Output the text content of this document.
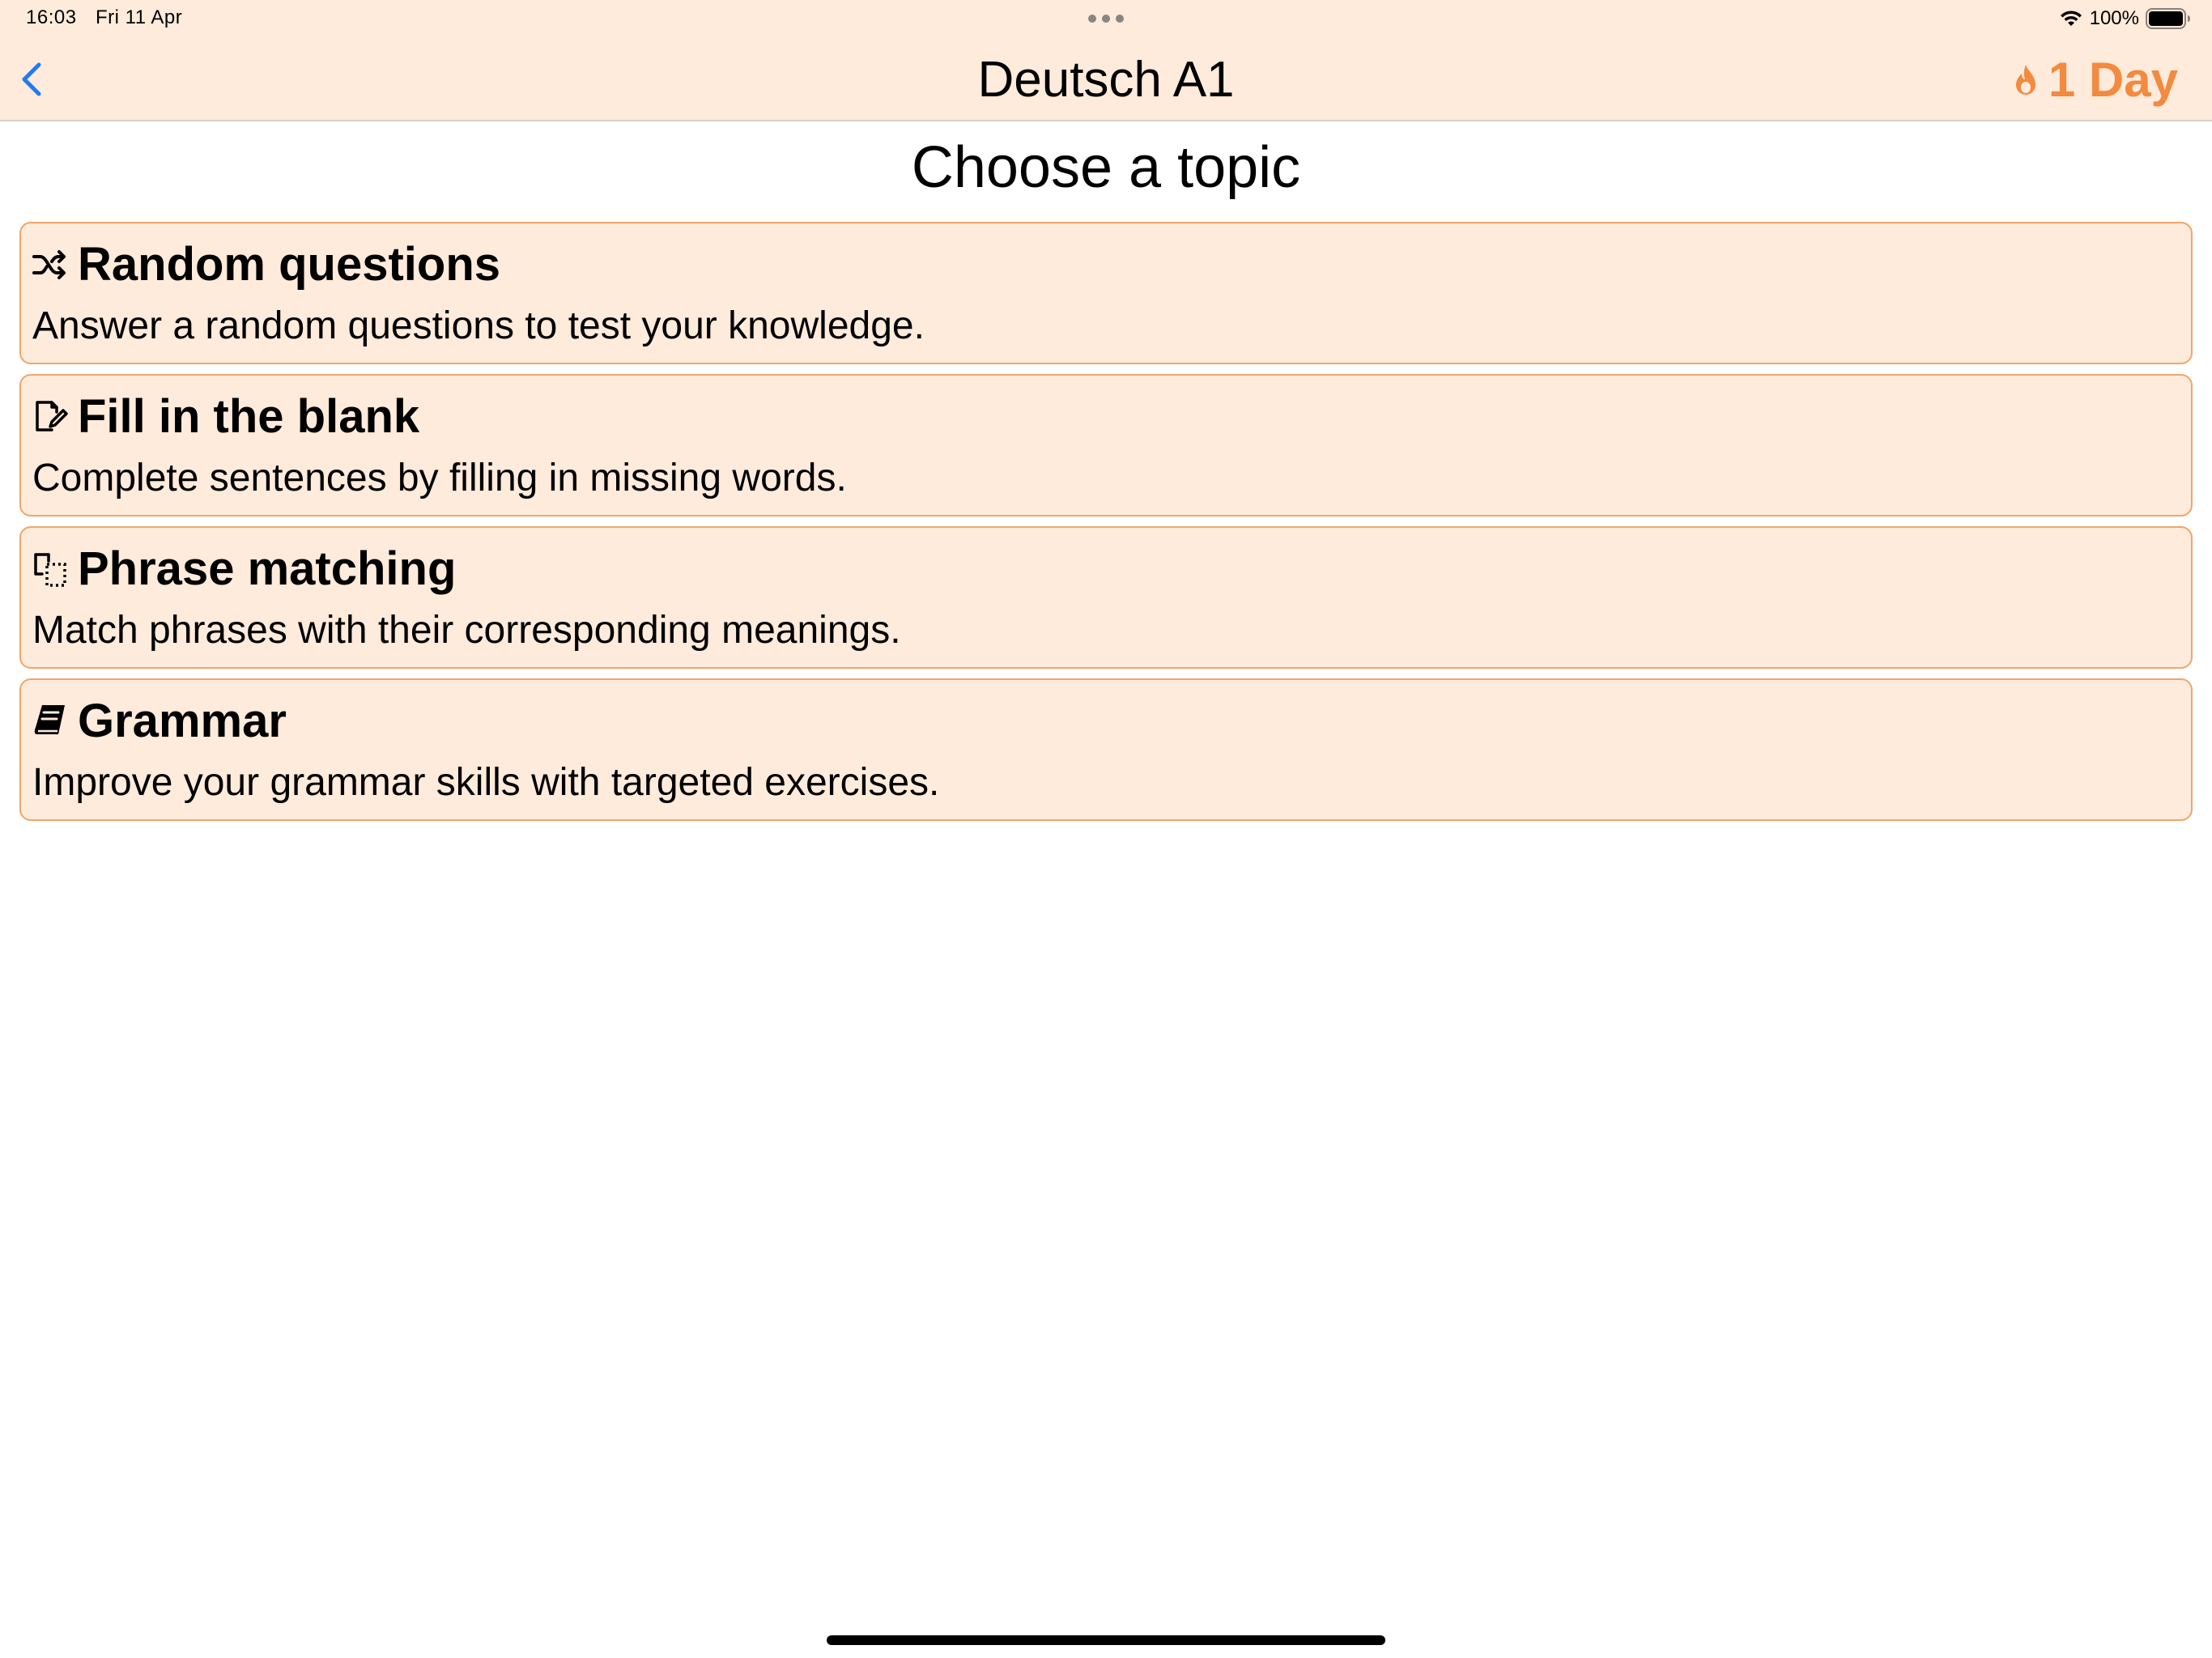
16:03 Fri 11 Apr	100%
Deutsch A1	1 Day
Choose a topic
Random questions
Answer a random questions to test your knowledge.
Fill in the blank
Complete sentences by filling in missing words.
Phrase matching
Match phrases with their corresponding meanings.
Grammar
Improve your grammar skills with targeted exercises.
